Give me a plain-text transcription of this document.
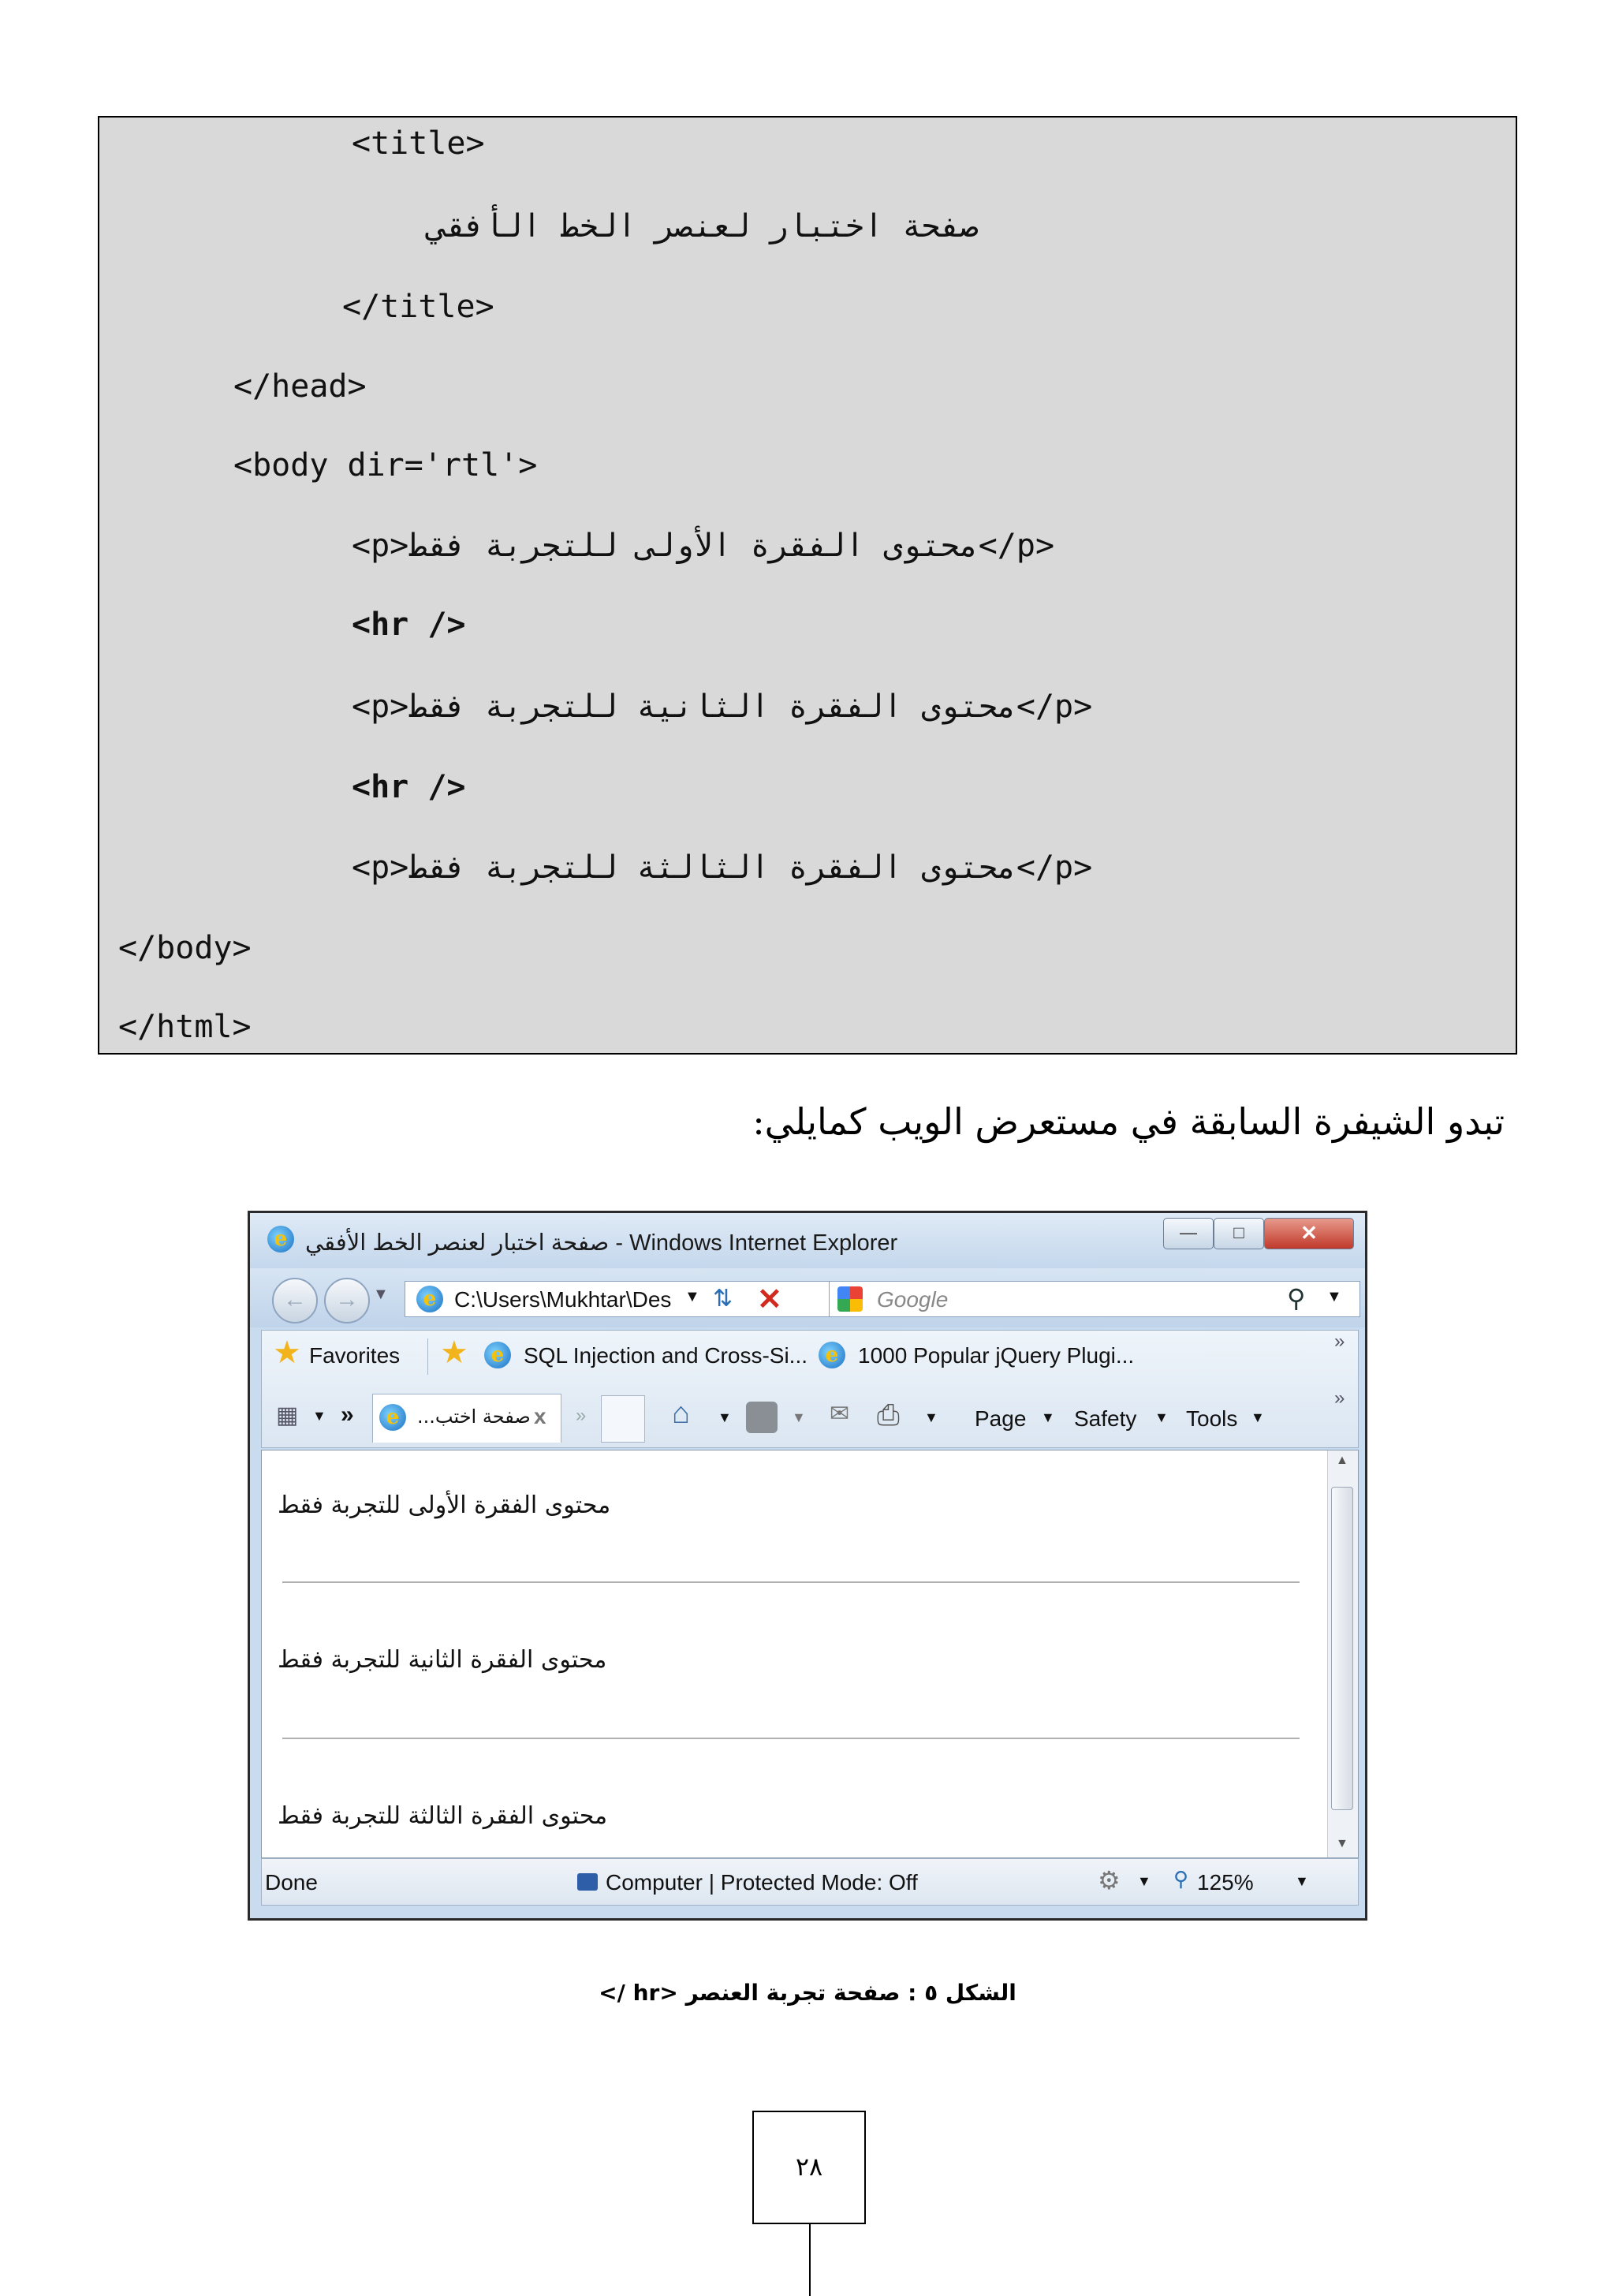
<title>
صفحة اختبار لعنصر الخط الأفقي
</title>
</head>
<body dir='rtl'>
<p>محتوى الفقرة الأولى للتجربة فقط</p>
<hr />
<p>محتوى الفقرة الثانية للتجربة فقط</p>
<hr />
<p>محتوى الفقرة الثالثة للتجربة فقط</p>
</body>
</html>
تبدو الشيفرة السابقة في مستعرض الويب كمايلي:
e صفحة اختبار لعنصر الخط الأفقي - Windows Internet Explorer	—	□	✕
←	→ ▼	e C:\Users\Mukhtar\Des ▼ ⇅ ✕	Google	⚲ ▼
★ Favorites ★	e SQL Injection and Cross-Si... e 1000 Popular jQuery Plugi...
»
▦ ▼ »	e صفحة اختب... x »	⌂ ▼	▼ ✉ ⎙ ▼ Page ▼ Safety ▼ Tools ▼
»

محتوى الفقرة الأولى للتجربة فقط

محتوى الفقرة الثانية للتجربة فقط

محتوى الفقرة الثالثة للتجربة فقط

▲
▼
Done	Computer | Protected Mode: Off	⚙ ▼ ⚲ 125%	▼
الشكل ٥ : صفحة تجربة العنصر <hr />
٢٨
